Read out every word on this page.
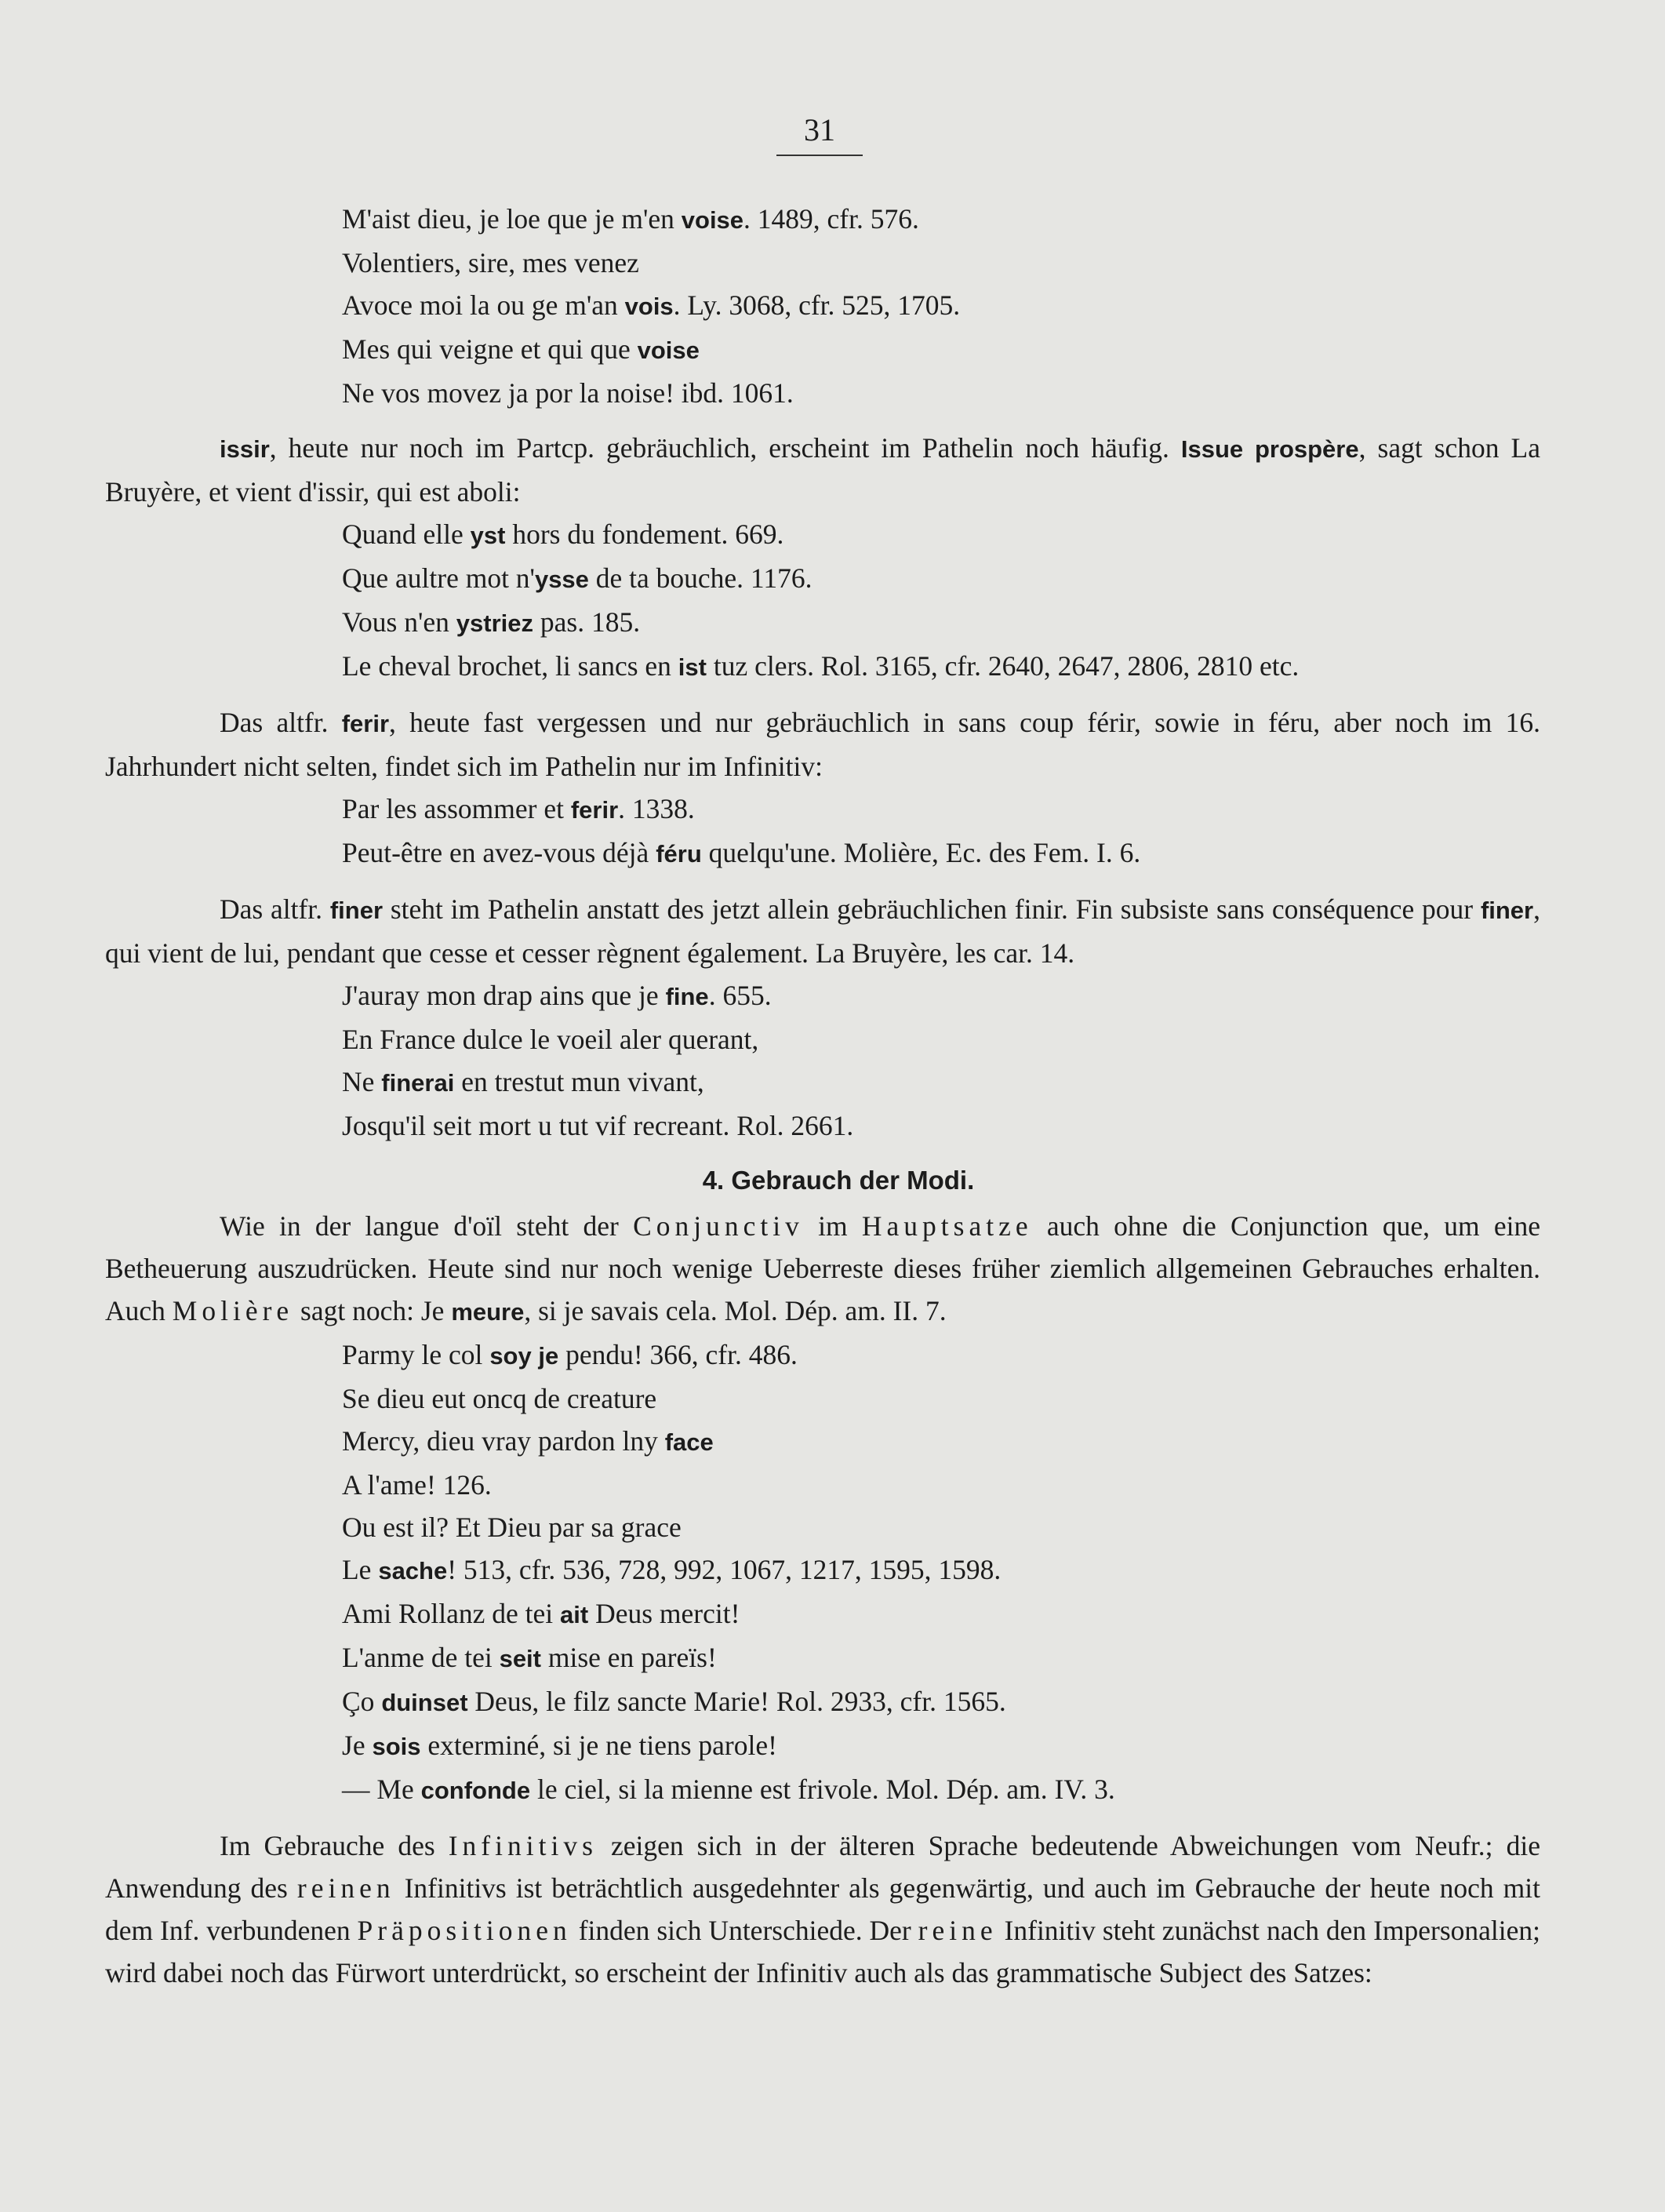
31
M'aist dieu, je loe que je m'en voise. 1489, cfr. 576.
Volentiers, sire, mes venez
Avoce moi la ou ge m'an vois. Ly. 3068, cfr. 525, 1705.
Mes qui veigne et qui que voise
Ne vos movez ja por la noise! ibd. 1061.
issir, heute nur noch im Partcp. gebräuchlich, erscheint im Pathelin noch häufig. Issue prospère, sagt schon La Bruyère, et vient d'issir, qui est aboli:
Quand elle yst hors du fondement. 669.
Que aultre mot n'ysse de ta bouche. 1176.
Vous n'en ystriez pas. 185.
Le cheval brochet, li sancs en ist tuz clers. Rol. 3165, cfr. 2640, 2647, 2806, 2810 etc.
Das altfr. ferir, heute fast vergessen und nur gebräuchlich in sans coup férir, sowie in féru, aber noch im 16. Jahrhundert nicht selten, findet sich im Pathelin nur im Infinitiv:
Par les assommer et ferir. 1338.
Peut-être en avez-vous déjà féru quelqu'une. Molière, Ec. des Fem. I. 6.
Das altfr. finer steht im Pathelin anstatt des jetzt allein gebräuchlichen finir. Fin subsiste sans conséquence pour finer, qui vient de lui, pendant que cesse et cesser règnent également. La Bruyère, les car. 14.
J'auray mon drap ains que je fine. 655.
En France dulce le voeil aler querant,
Ne finerai en trestut mun vivant,
Josqu'il seit mort u tut vif recreant. Rol. 2661.
4. Gebrauch der Modi.
Wie in der langue d'oïl steht der Conjunctiv im Hauptsatze auch ohne die Conjunction que, um eine Betheuerung auszudrücken. Heute sind nur noch wenige Ueberreste dieses früher ziemlich allgemeinen Gebrauches erhalten. Auch Molière sagt noch: Je meure, si je savais cela. Mol. Dép. am. II. 7.
Parmy le col soy je pendu! 366, cfr. 486.
Se dieu eut oncq de creature
Mercy, dieu vray pardon lny face
A l'ame! 126.
Ou est il? Et Dieu par sa grace
Le sache! 513, cfr. 536, 728, 992, 1067, 1217, 1595, 1598.
Ami Rollanz de tei ait Deus mercit!
L'anme de tei seit mise en pareïs!
Ço duinset Deus, le filz sancte Marie! Rol. 2933, cfr. 1565.
Je sois exterminé, si je ne tiens parole!
— Me confonde le ciel, si la mienne est frivole. Mol. Dép. am. IV. 3.
Im Gebrauche des Infinitivs zeigen sich in der älteren Sprache bedeutende Abweichungen vom Neufr.; die Anwendung des reinen Infinitivs ist beträchtlich ausgedehnter als gegenwärtig, und auch im Gebrauche der heute noch mit dem Inf. verbundenen Präpositionen finden sich Unterschiede. Der reine Infinitiv steht zunächst nach den Impersonalien; wird dabei noch das Fürwort unterdrückt, so erscheint der Infinitiv auch als das grammatische Subject des Satzes:
